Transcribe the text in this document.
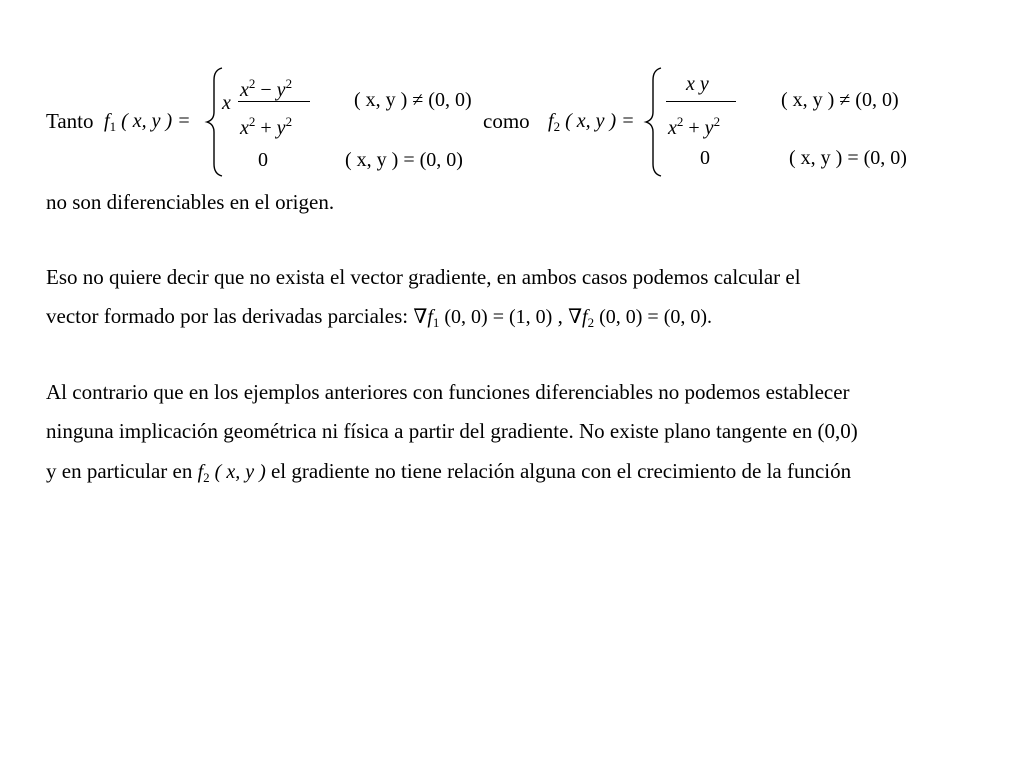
Tanto $f_1$ ( x, y ) =
x
$x^2 - y^2$
$x^2 + y^2$
( x, y ) ≠ (0, 0)
0	( x, y ) = (0, 0)
como $f_2$ ( x, y ) =
x y
$x^2 + y^2$
( x, y ) ≠ (0, 0)
0	( x, y ) = (0, 0)
no son diferenciables en el origen.
Eso no quiere decir que no exista el vector gradiente, en ambos casos podemos calcular el
vector formado por las derivadas parciales: $\nabla f_1$ (0, 0) = (1, 0) , $\nabla f_2$ (0, 0) = (0, 0).
Al contrario que en los ejemplos anteriores con funciones diferenciables no podemos establecer
ninguna implicación geométrica ni física a partir del gradiente. No existe plano tangente en (0,0)
y en particular en $f_2$ ( x, y ) el gradiente no tiene relación alguna con el crecimiento de la función
